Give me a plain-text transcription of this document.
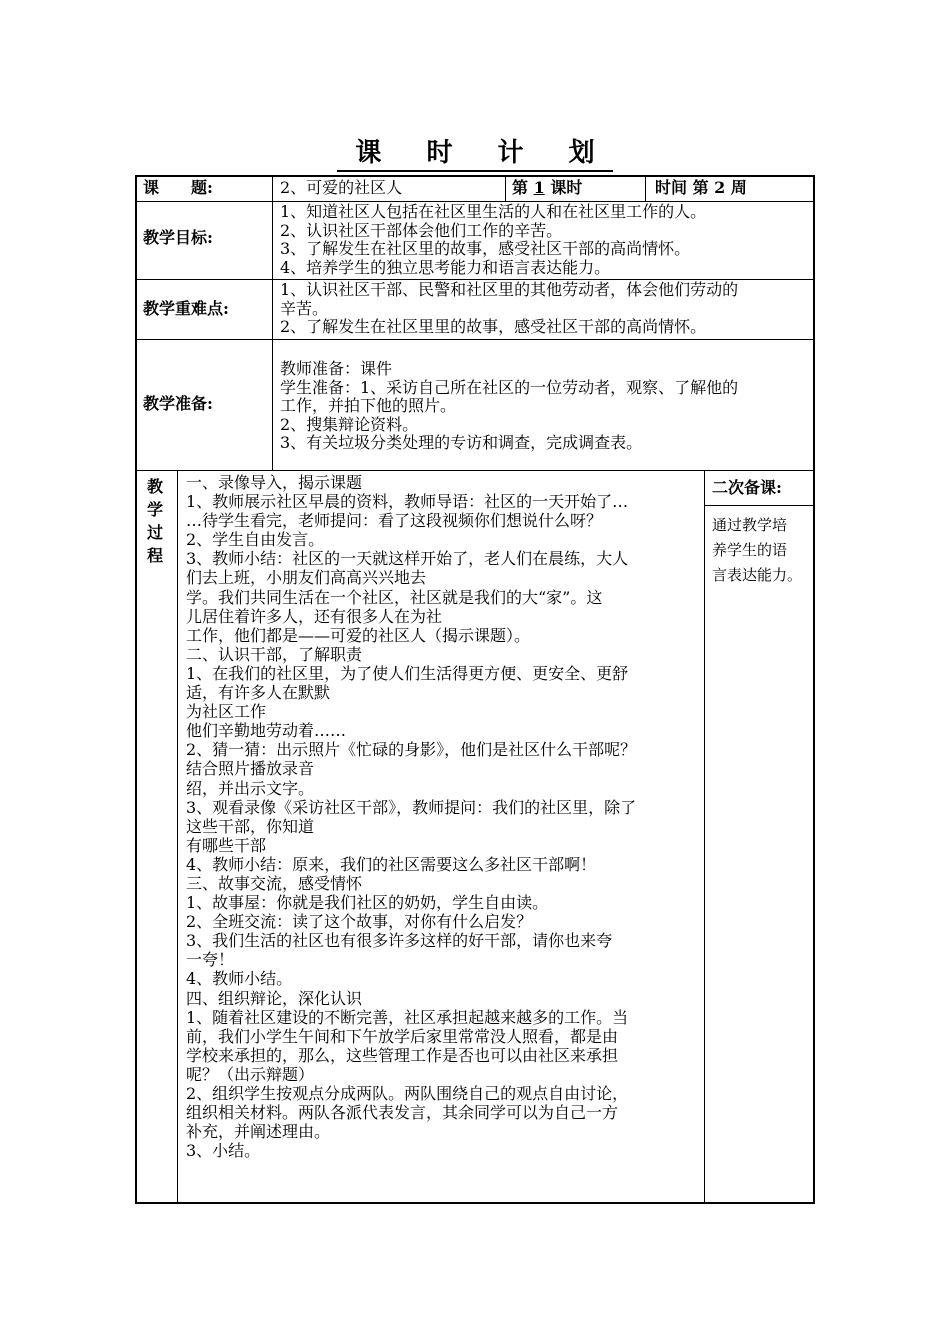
课 时 计 划
课　　题:	2、可爱的社区人	第 1 课时	时间 第 2 周
教学目标:
1、知道社区人包括在社区里生活的人和在社区里工作的人。
2、认识社区干部体会他们工作的辛苦。
3、了解发生在社区里的故事，感受社区干部的高尚情怀。
4、培养学生的独立思考能力和语言表达能力。
教学重难点:
1、认识社区干部、民警和社区里的其他劳动者，体会他们劳动的
辛苦。
2、了解发生在社区里里的故事，感受社区干部的高尚情怀。
教学准备:
教师准备：课件
学生准备：1、采访自己所在社区的一位劳动者，观察、了解他的
工作，并拍下他的照片。
2、搜集辩论资料。
3、有关垃圾分类处理的专访和调查，完成调查表。
教
学
过
程
一、录像导入，揭示课题
1、教师展示社区早晨的资料，教师导语：社区的一天开始了…
…待学生看完，老师提问：看了这段视频你们想说什么呀？
2、学生自由发言。
3、教师小结：社区的一天就这样开始了，老人们在晨练，大人
们去上班，小朋友们高高兴兴地去
学。我们共同生活在一个社区，社区就是我们的大“家”。这
儿居住着许多人，还有很多人在为社
工作，他们都是——可爱的社区人（揭示课题）。
二、认识干部，了解职责
1、在我们的社区里，为了使人们生活得更方便、更安全、更舒
适，有许多人在默默
为社区工作
他们辛勤地劳动着……
2、猜一猜：出示照片《忙碌的身影》，他们是社区什么干部呢？
结合照片播放录音
绍，并出示文字。
3、观看录像《采访社区干部》，教师提问：我们的社区里，除了
这些干部，你知道
有哪些干部
4、教师小结：原来，我们的社区需要这么多社区干部啊！
三、故事交流，感受情怀
1、故事屋：你就是我们社区的奶奶，学生自由读。
2、全班交流：读了这个故事，对你有什么启发？
3、我们生活的社区也有很多许多这样的好干部，请你也来夸
一夸！
4、教师小结。
四、组织辩论，深化认识
1、随着社区建设的不断完善，社区承担起越来越多的工作。当
前，我们小学生午间和下午放学后家里常常没人照看，都是由
学校来承担的，那么，这些管理工作是否也可以由社区来承担
呢？（出示辩题）
2、组织学生按观点分成两队。两队围绕自己的观点自由讨论，
组织相关材料。两队各派代表发言，其余同学可以为自己一方
补充，并阐述理由。
3、小结。
二次备课:
通过教学培
养学生的语
言表达能力。
